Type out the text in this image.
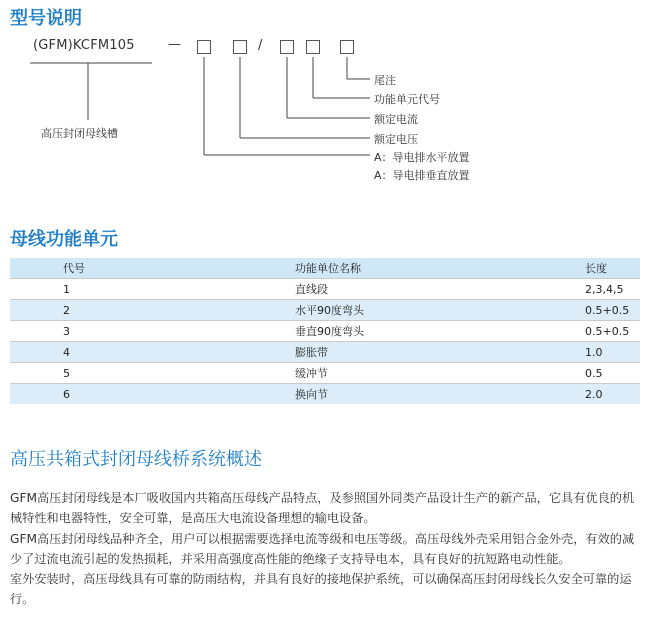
型号说明
(GFM)KCFM105	—	/
高压封闭母线槽
尾注
功能单元代号
额定电流
额定电压
A：导电排水平放置
A：导电排垂直放置
母线功能单元
代号	功能单位名称	长度
1	直线段	2,3,4,5
2	水平90度弯头	0.5+0.5
3	垂直90度弯头	0.5+0.5
4	膨胀带	1.0
5	缓冲节	0.5
6	换向节	2.0
高压共箱式封闭母线桥系统概述

GFM高压封闭母线是本厂吸收国内共箱高压母线产品特点，及参照国外同类产品设计生产的新产品，它具有优良的机械特性和电器特性，安全可靠，是高压大电流设备理想的输电设备。

GFM高压封闭母线品种齐全，用户可以根据需要选择电流等级和电压等级。高压母线外壳采用铝合金外壳，有效的减少了过流电流引起的发热损耗，并采用高强度高性能的绝缘子支持导电本，具有良好的抗短路电动性能。

室外安装时，高压母线具有可靠的防雨结构，并具有良好的接地保护系统，可以确保高压封闭母线长久安全可靠的运行。
